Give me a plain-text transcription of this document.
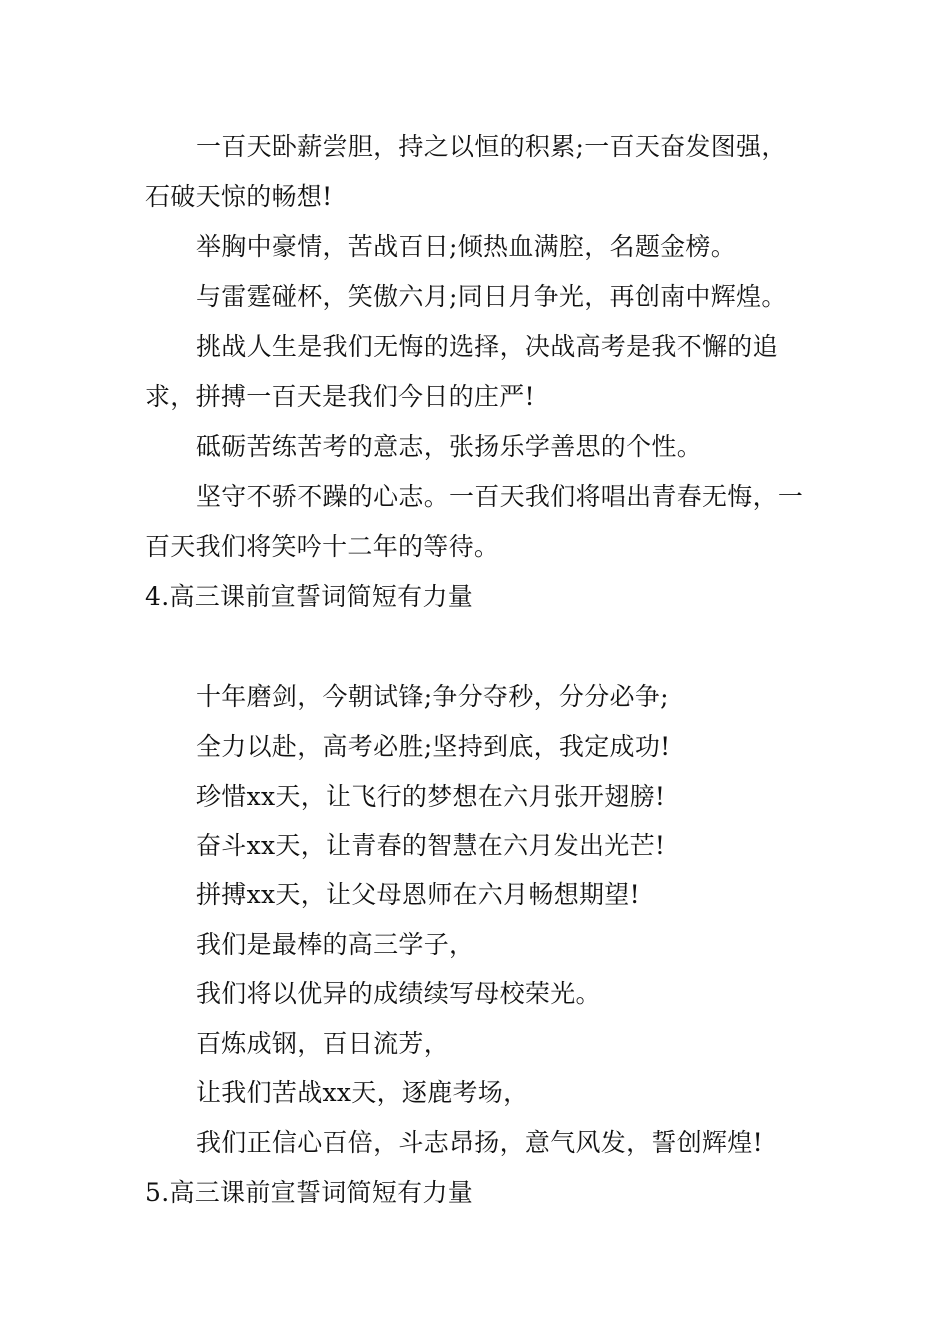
一百天卧薪尝胆，持之以恒的积累;一百天奋发图强，石破天惊的畅想!
举胸中豪情，苦战百日;倾热血满腔，名题金榜。
与雷霆碰杯，笑傲六月;同日月争光，再创南中辉煌。
挑战人生是我们无悔的选择，决战高考是我不懈的追求，拼搏一百天是我们今日的庄严!
砥砺苦练苦考的意志，张扬乐学善思的个性。
坚守不骄不躁的心志。一百天我们将唱出青春无悔，一百天我们将笑吟十二年的等待。
4.高三课前宣誓词简短有力量
十年磨剑，今朝试锋;争分夺秒，分分必争;
全力以赴，高考必胜;坚持到底，我定成功!
珍惜xx天，让飞行的梦想在六月张开翅膀!
奋斗xx天，让青春的智慧在六月发出光芒!
拼搏xx天，让父母恩师在六月畅想期望!
我们是最棒的高三学子，
我们将以优异的成绩续写母校荣光。
百炼成钢，百日流芳，
让我们苦战xx天，逐鹿考场，
我们正信心百倍，斗志昂扬，意气风发，誓创辉煌!
5.高三课前宣誓词简短有力量
